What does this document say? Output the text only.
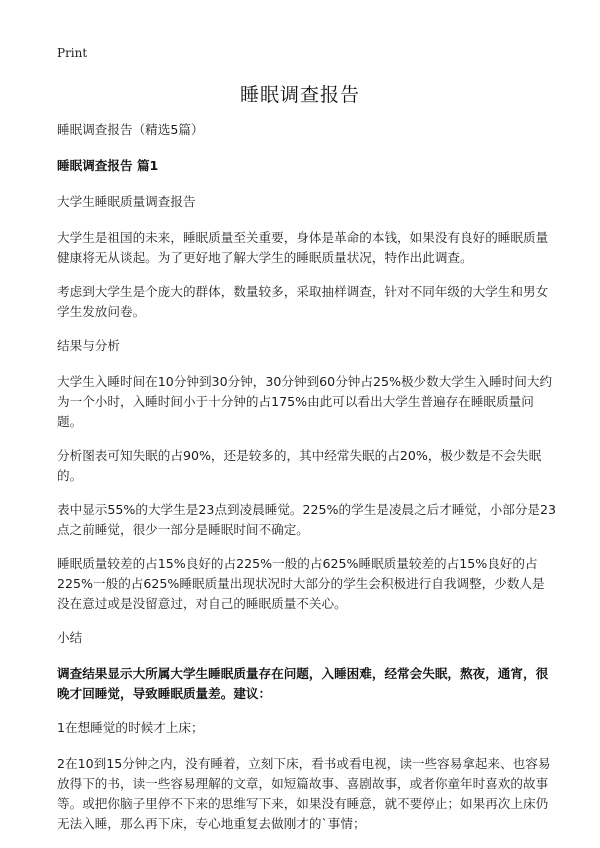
Print
睡眠调查报告

睡眠调查报告（精选5篇）

睡眠调查报告 篇1

大学生睡眠质量调查报告

大学生是祖国的未来，睡眠质量至关重要，身体是革命的本钱，如果没有良好的睡眠质量健康将无从谈起。为了更好地了解大学生的睡眠质量状况，特作出此调查。

考虑到大学生是个庞大的群体，数量较多，采取抽样调查，针对不同年级的大学生和男女学生发放问卷。

结果与分析

大学生入睡时间在10分钟到30分钟，30分钟到60分钟占25%极少数大学生入睡时间大约为一个小时，入睡时间小于十分钟的占175%由此可以看出大学生普遍存在睡眠质量问题。

分析图表可知失眠的占90%，还是较多的，其中经常失眠的占20%，极少数是不会失眠的。

表中显示55%的大学生是23点到凌晨睡觉。225%的学生是凌晨之后才睡觉，小部分是23点之前睡觉，很少一部分是睡眠时间不确定。

睡眠质量较差的占15%良好的占225%一般的占625%睡眠质量较差的占15%良好的占225%一般的占625%睡眠质量出现状况时大部分的学生会积极进行自我调整，少数人是没在意过或是没留意过，对自己的睡眠质量不关心。

小结

调查结果显示大所属大学生睡眠质量存在问题，入睡困难，经常会失眠，熬夜，通宵，很晚才回睡觉，导致睡眠质量差。建议：

1在想睡觉的时候才上床；

2在10到15分钟之内，没有睡着，立刻下床，看书或看电视，读一些容易拿起来、也容易放得下的书，读一些容易理解的文章，如短篇故事、喜剧故事，或者你童年时喜欢的故事等。或把你脑子里停不下来的思维写下来，如果没有睡意，就不要停止；如果再次上床仍无法入睡，那么再下床，专心地重复去做刚才的`事情；
